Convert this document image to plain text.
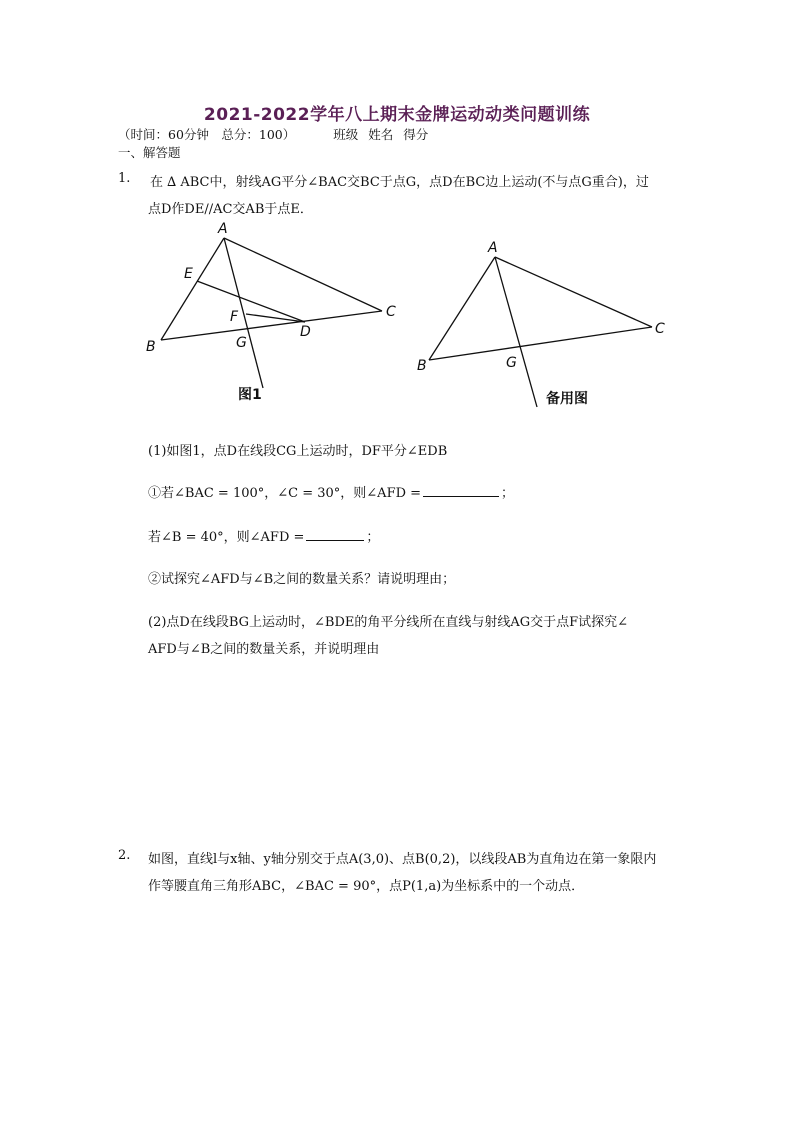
2021-2022学年八上期末金牌运动动类问题训练
（时间：60分钟　总分：100）	班级 姓名 得分
一、解答题
1. 在 ∆ ABC中，射线AG平分∠BAC交BC于点G，点D在BC边上运动(不与点G重合)，过
点D作DE//AC交AB于点E．
A
E
F
D
C
B	G
图1
A
C
B	G
备用图
(1)如图1，点D在线段CG上运动时，DF平分∠EDB
①若∠BAC = 100°，∠C = 30°，则∠AFD =	；
若∠B = 40°，则∠AFD =	；
②试探究∠AFD与∠B之间的数量关系？请说明理由；
(2)点D在线段BG上运动时，∠BDE的角平分线所在直线与射线AG交于点F试探究∠
AFD与∠B之间的数量关系，并说明理由
2. 如图，直线l与x轴、y轴分别交于点A(3,0)、点B(0,2)，以线段AB为直角边在第一象限内
作等腰直角三角形ABC，∠BAC = 90°，点P(1,a)为坐标系中的一个动点．
